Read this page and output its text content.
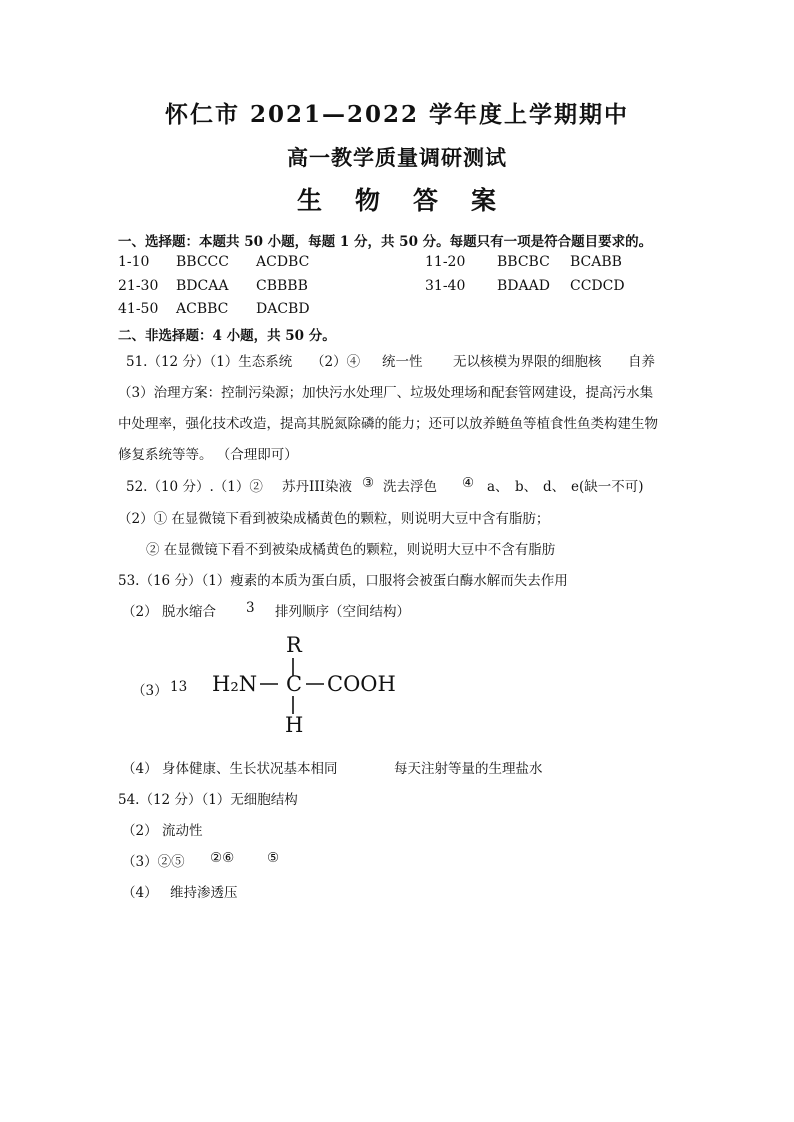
怀仁市 2021—2022 学年度上学期期中
高一教学质量调研测试
生 物 答 案
一、选择题：本题共 50 小题，每题 1 分，共 50 分。每题只有一项是符合题目要求的。
1-10 BBCCC ACDBC	11-20 BBCBC BCABB
21-30 BDCAA CBBBB	31-40 BDAAD CCDCD
41-50 ACBBC DACBD
二、非选择题：4 小题，共 50 分。
51.（12 分）（1）生态系统 （2）④ 统一性 无以核模为界限的细胞核 自养
（3）治理方案：控制污染源；加快污水处理厂、垃圾处理场和配套管网建设，提高污水集
中处理率，强化技术改造，提高其脱氮除磷的能力；还可以放养鲢鱼等植食性鱼类构建生物
修复系统等等。 （合理即可）
52.（10 分）.（1）② 苏丹III染液 ③ 洗去浮色 ④ a、 b、 d、 e(缺一不可)
（2）① 在显微镜下看到被染成橘黄色的颗粒，则说明大豆中含有脂肪；
② 在显微镜下看不到被染成橘黄色的颗粒，则说明大豆中不含有脂肪
53.（16 分）（1）瘦素的本质为蛋白质，口服将会被蛋白酶水解而失去作用
（2） 脱水缩合 3 排列顺序（空间结构）
（3） 13
R
H₂N C COOH
H
（4） 身体健康、生长状况基本相同	每天注射等量的生理盐水
54.（12 分）（1）无细胞结构
（2） 流动性
（3）②⑤ ②⑥ ⑤
（4） 维持渗透压
